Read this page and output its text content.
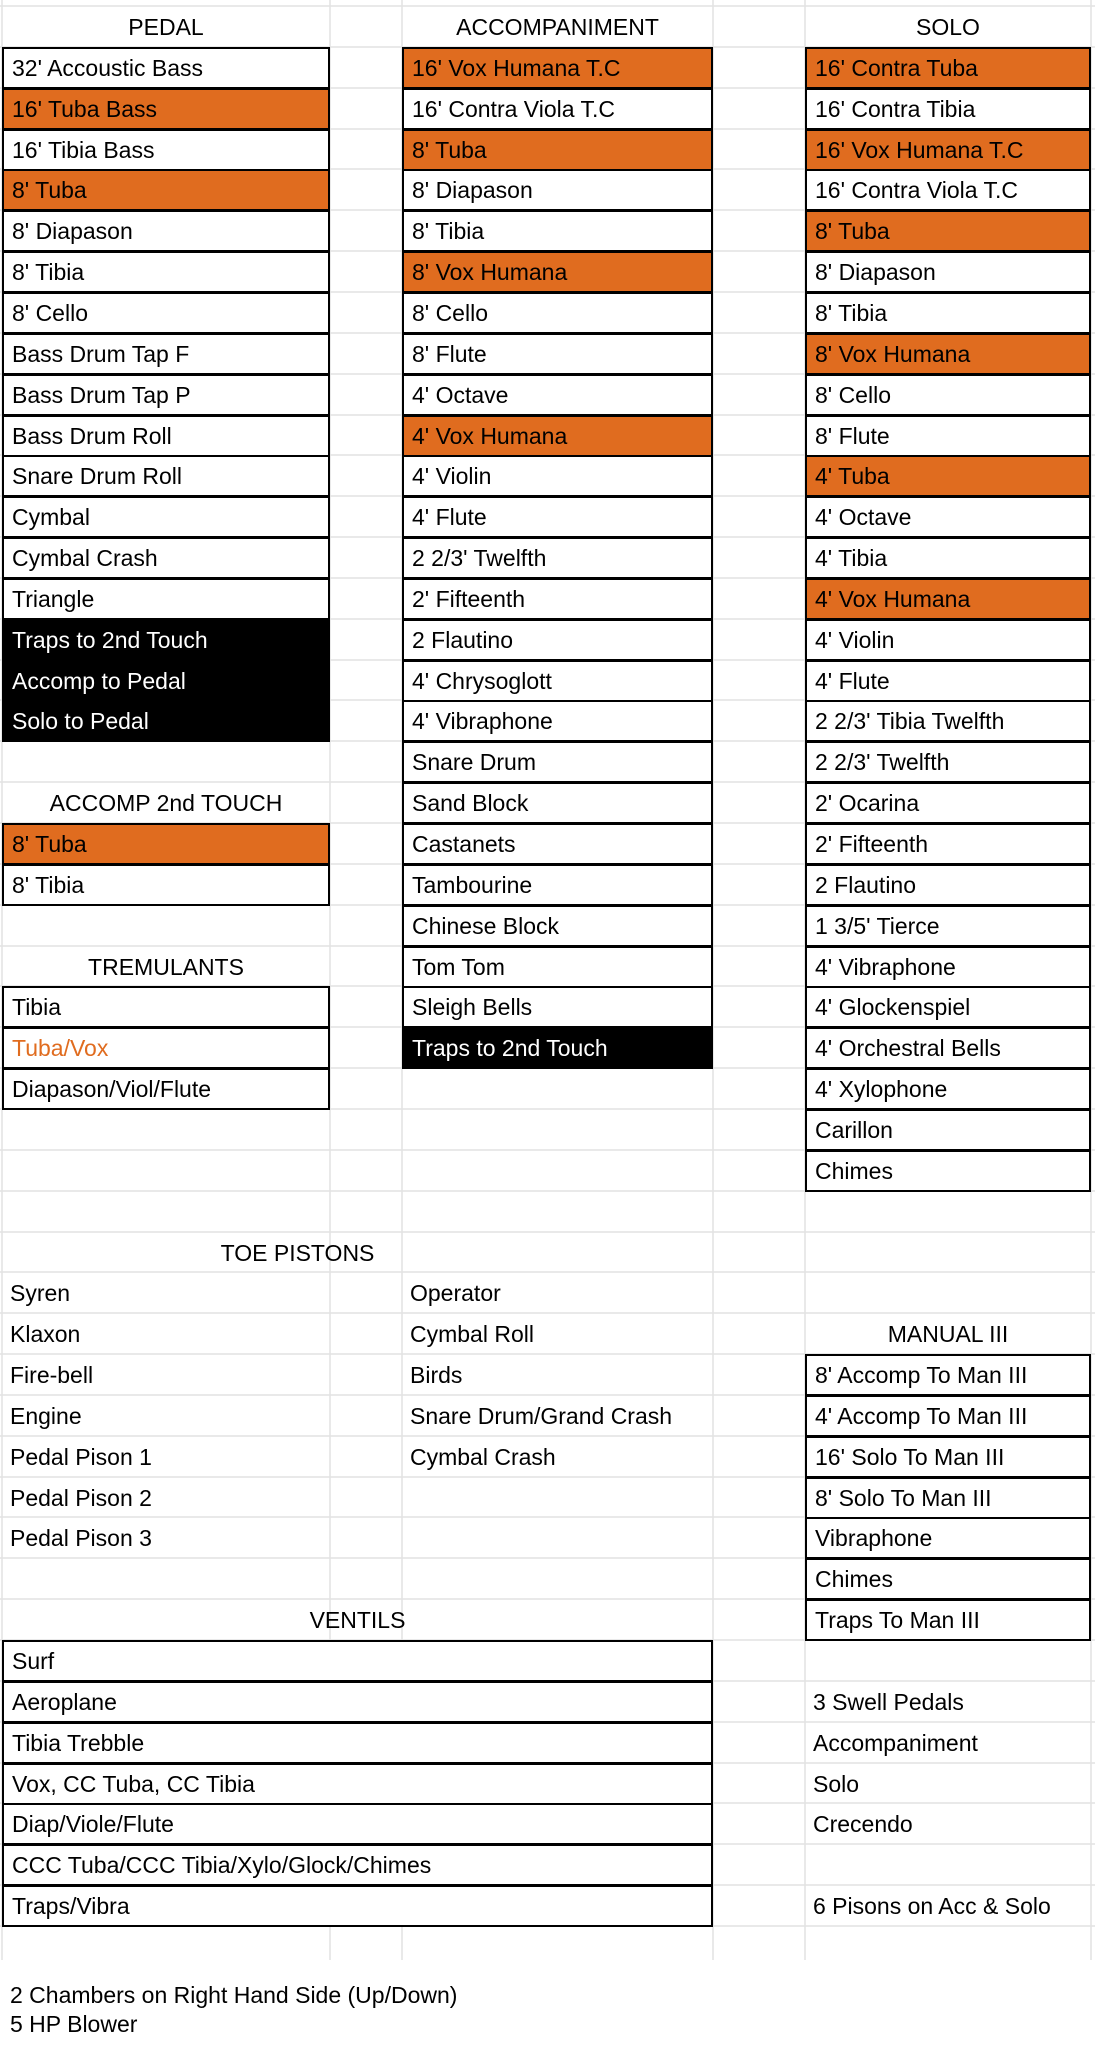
PEDAL
32' Accoustic Bass
16' Tuba Bass
16' Tibia Bass
8' Tuba
8' Diapason
8' Tibia
8' Cello
Bass Drum Tap F
Bass Drum Tap P
Bass Drum Roll
Snare Drum Roll
Cymbal
Cymbal Crash
Triangle
Traps to 2nd Touch
Accomp to Pedal
Solo to Pedal
ACCOMPANIMENT
16' Vox Humana T.C
16' Contra Viola T.C
8' Tuba
8' Diapason
8' Tibia
8' Vox Humana
8' Cello
8' Flute
4' Octave
4' Vox Humana
4' Violin
4' Flute
2 2/3' Twelfth
2' Fifteenth
2 Flautino
4' Chrysoglott
4' Vibraphone
Snare Drum
Sand Block
Castanets
Tambourine
Chinese Block
Tom Tom
Sleigh Bells
Traps to 2nd Touch
SOLO
16' Contra Tuba
16' Contra Tibia
16' Vox Humana T.C
16' Contra Viola T.C
8' Tuba
8' Diapason
8' Tibia
8' Vox Humana
8' Cello
8' Flute
4' Tuba
4' Octave
4' Tibia
4' Vox Humana
4' Violin
4' Flute
2 2/3' Tibia Twelfth
2 2/3' Twelfth
2' Ocarina
2' Fifteenth
2 Flautino
1 3/5' Tierce
4' Vibraphone
4' Glockenspiel
4' Orchestral Bells
4' Xylophone
Carillon
Chimes
ACCOMP 2nd TOUCH
8' Tuba
8' Tibia
TREMULANTS
Tibia
Tuba/Vox
Diapason/Viol/Flute
MANUAL III
8' Accomp To Man III
4' Accomp To Man III
16' Solo To Man III
8' Solo To Man III
Vibraphone
Chimes
Traps To Man III
VENTILS
Surf
Aeroplane
Tibia Trebble
Vox, CC Tuba, CC Tibia
Diap/Viole/Flute
CCC Tuba/CCC Tibia/Xylo/Glock/Chimes
Traps/Vibra
TOE PISTONS
Syren
Klaxon
Fire-bell
Engine
Pedal Pison 1
Pedal Pison 2
Pedal Pison 3
Operator
Cymbal Roll
Birds
Snare Drum/Grand Crash
Cymbal Crash
3 Swell Pedals
Accompaniment
Solo
Crecendo
6 Pisons on Acc & Solo
2 Chambers on Right Hand Side (Up/Down)
5 HP Blower
